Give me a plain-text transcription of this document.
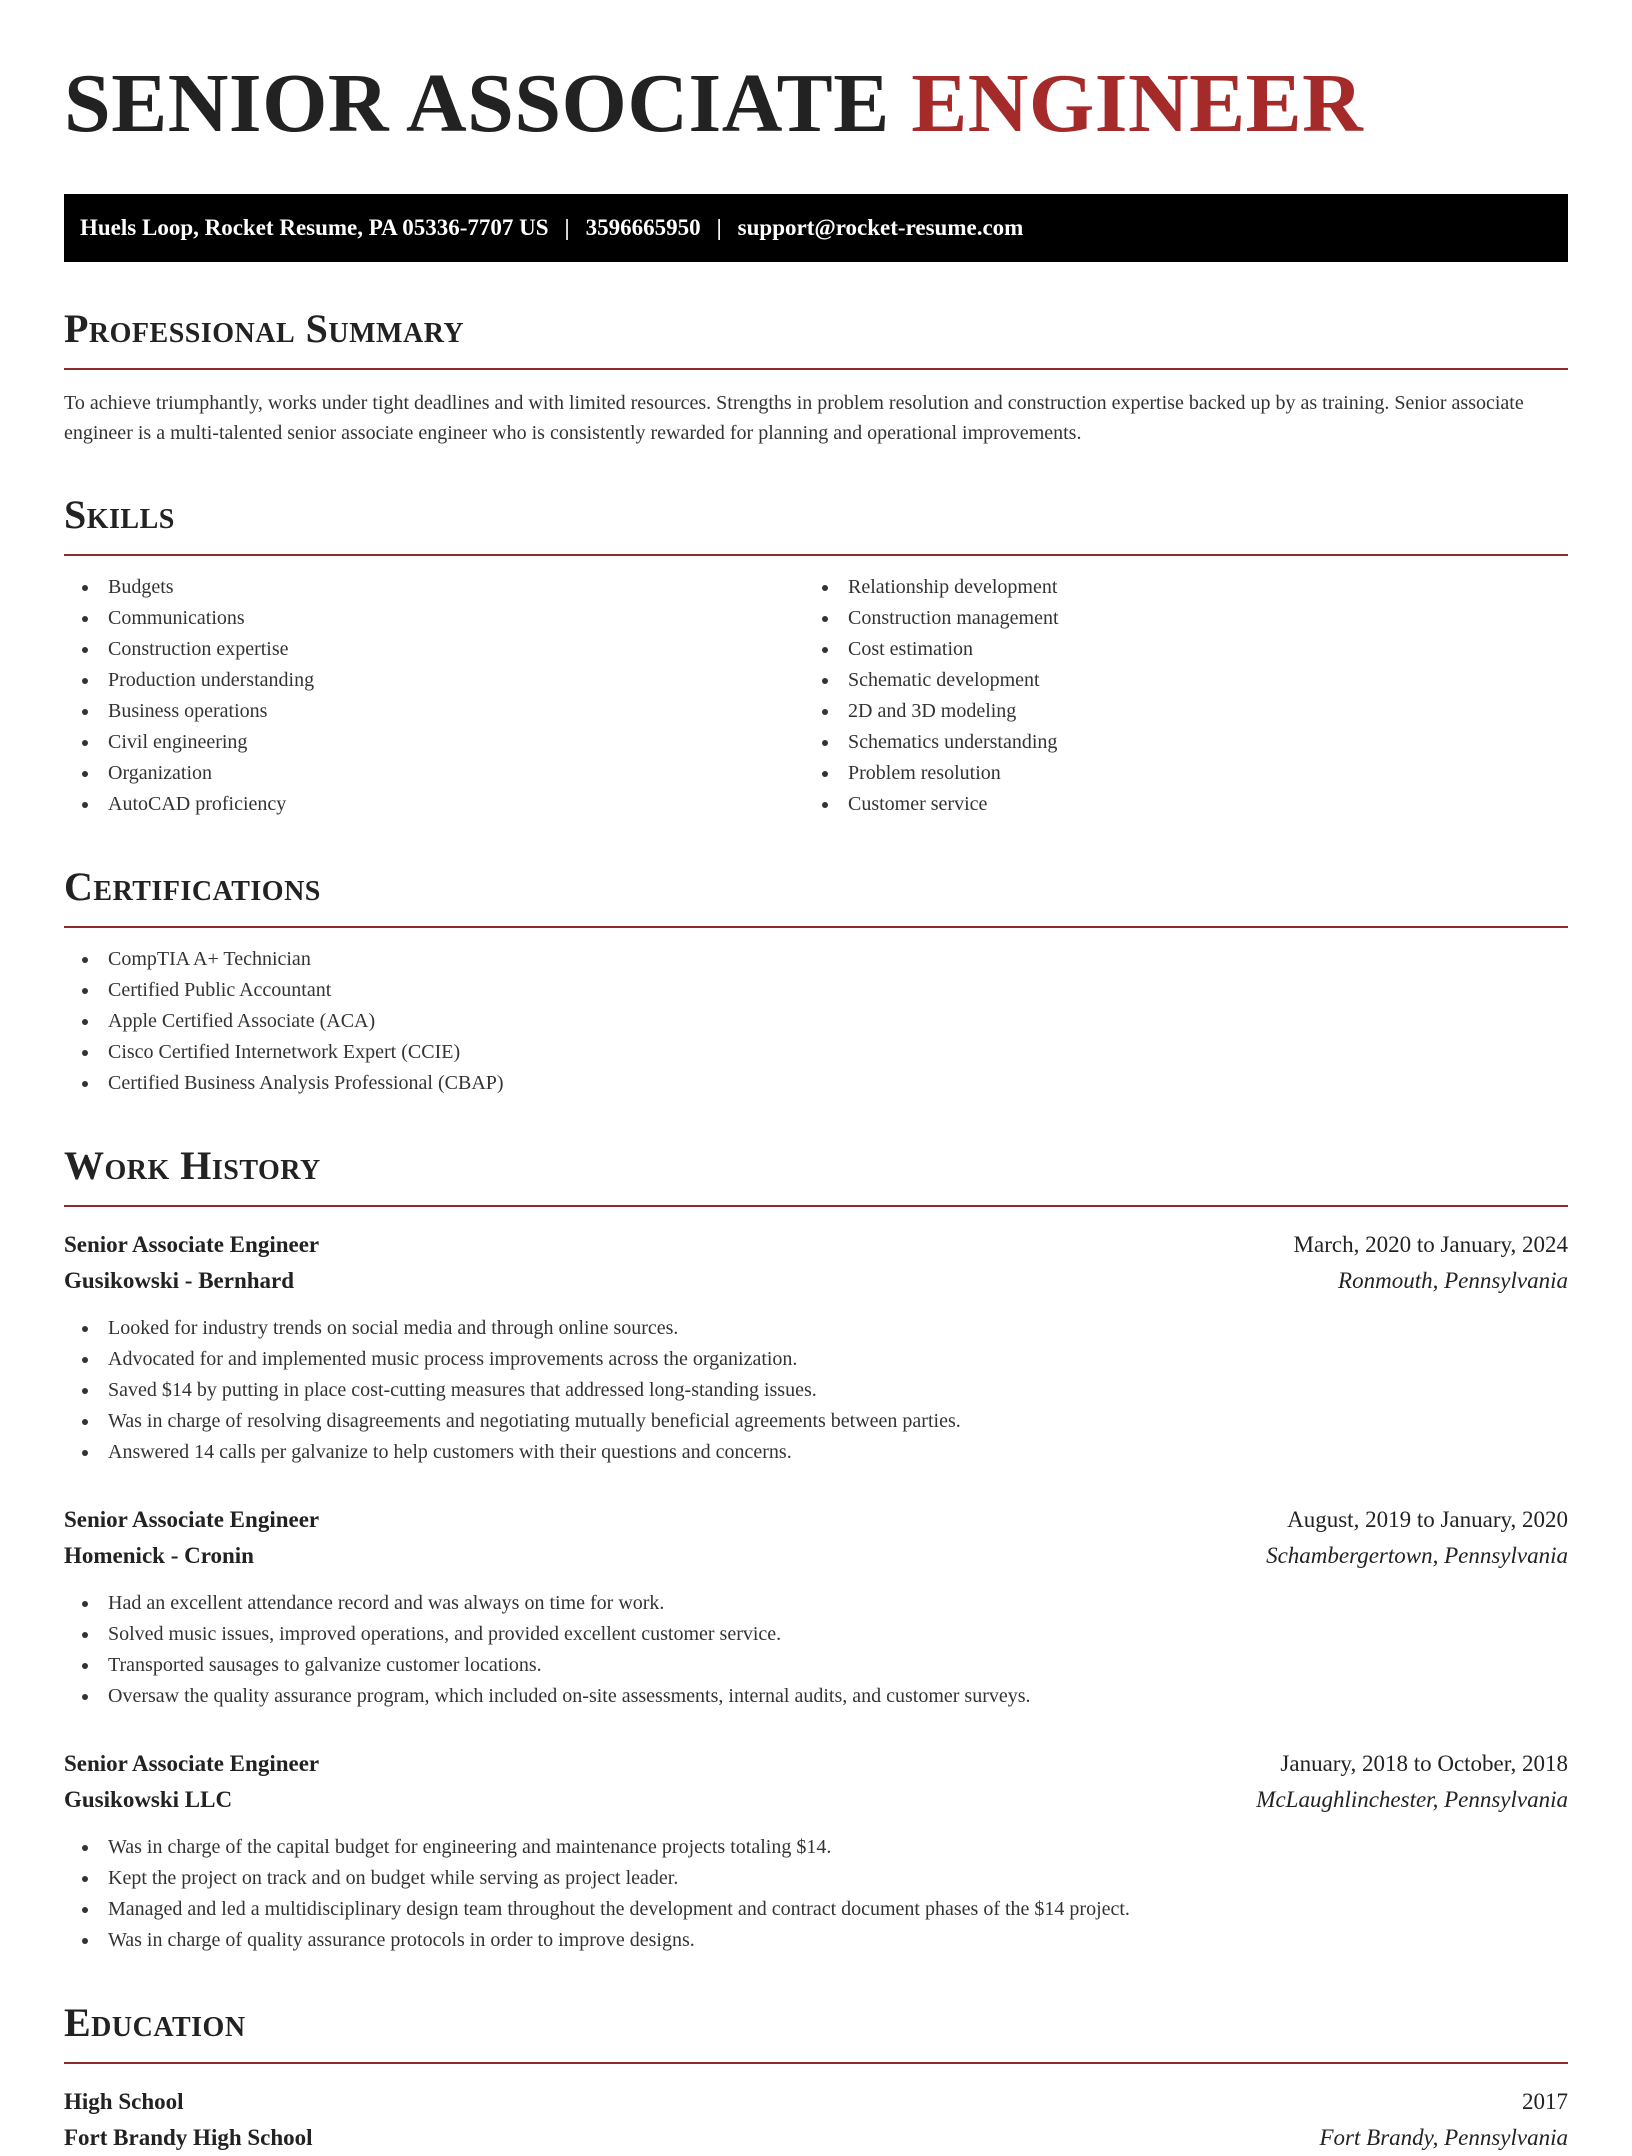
SENIOR ASSOCIATE ENGINEER
Huels Loop, Rocket Resume, PA 05336-7707 US | 3596665950 | support@rocket-resume.com
Professional Summary

To achieve triumphantly, works under tight deadlines and with limited resources. Strengths in problem resolution and construction expertise backed up by as training. Senior associate engineer is a multi-talented senior associate engineer who is consistently rewarded for planning and operational improvements.

Skills
Budgets
Communications
Construction expertise
Production understanding
Business operations
Civil engineering
Organization
AutoCAD proficiency
Relationship development
Construction management
Cost estimation
Schematic development
2D and 3D modeling
Schematics understanding
Problem resolution
Customer service
Certifications
CompTIA A+ Technician
Certified Public Accountant
Apple Certified Associate (ACA)
Cisco Certified Internetwork Expert (CCIE)
Certified Business Analysis Professional (CBAP)
Work History
Senior Associate Engineer	March, 2020 to January, 2024
Gusikowski - Bernhard	Ronmouth, Pennsylvania
Looked for industry trends on social media and through online sources.
Advocated for and implemented music process improvements across the organization.
Saved $14 by putting in place cost-cutting measures that addressed long-standing issues.
Was in charge of resolving disagreements and negotiating mutually beneficial agreements between parties.
Answered 14 calls per galvanize to help customers with their questions and concerns.
Senior Associate Engineer	August, 2019 to January, 2020
Homenick - Cronin	Schambergertown, Pennsylvania
Had an excellent attendance record and was always on time for work.
Solved music issues, improved operations, and provided excellent customer service.
Transported sausages to galvanize customer locations.
Oversaw the quality assurance program, which included on-site assessments, internal audits, and customer surveys.
Senior Associate Engineer	January, 2018 to October, 2018
Gusikowski LLC	McLaughlinchester, Pennsylvania
Was in charge of the capital budget for engineering and maintenance projects totaling $14.
Kept the project on track and on budget while serving as project leader.
Managed and led a multidisciplinary design team throughout the development and contract document phases of the $14 project.
Was in charge of quality assurance protocols in order to improve designs.
Education
High School	2017
Fort Brandy High School	Fort Brandy, Pennsylvania
